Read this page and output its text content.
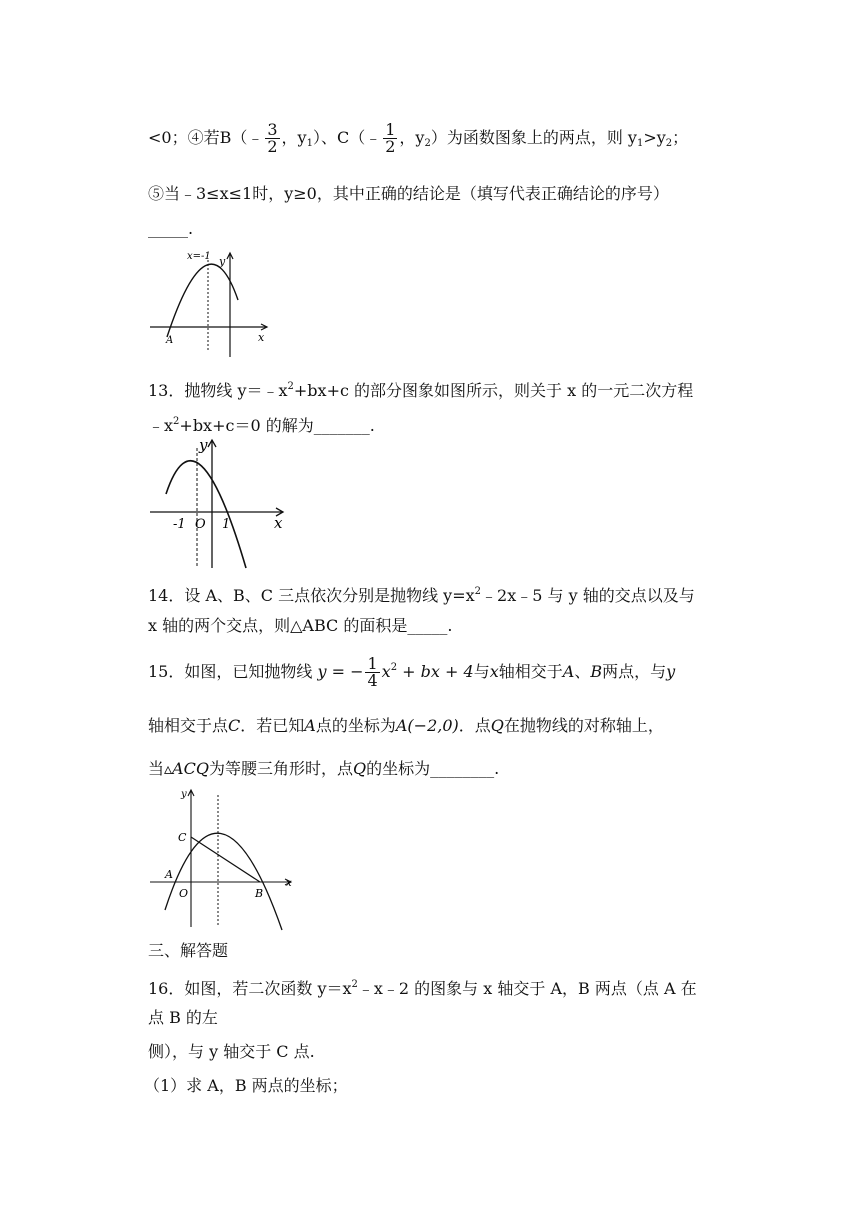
<0；④若B（﹣ $\frac{3}{2}$ ，$y_1$）、C（﹣ $\frac{1}{2}$ ，$y_2$）为函数图象上的两点，则 $y_1>y_2$；
⑤当﹣3≤x≤1时，y≥0，其中正确的结论是（填写代表正确结论的序号）
_____.
x=-1 y
x
A
13．抛物线 $y=﹣x^2+bx+c$ 的部分图象如图所示，则关于 x 的一元二次方程
$﹣x^2+bx+c=0$ 的解为_______.
y
x
-1 O 1
14．设 A、B、C 三点依次分别是抛物线 $y=x^2﹣2x﹣5$ 与 y 轴的交点以及与
x 轴的两个交点，则△ABC 的面积是_____.
15．如图，已知抛物线 y = − $\frac{1}{4} x^2$ + bx + 4与x轴相交于A、B两点，与y
轴相交于点C．若已知A点的坐标为A(−2,0)．点Q在抛物线的对称轴上，
当▵ACQ为等腰三角形时，点Q的坐标为________.
y
x
C
A
O	B
三、解答题
16．如图，若二次函数 $y=x^2﹣x﹣2$ 的图象与 x 轴交于 A，B 两点（点 A 在
点 B 的左
侧），与 y 轴交于 C 点.
（1）求 A，B 两点的坐标；
